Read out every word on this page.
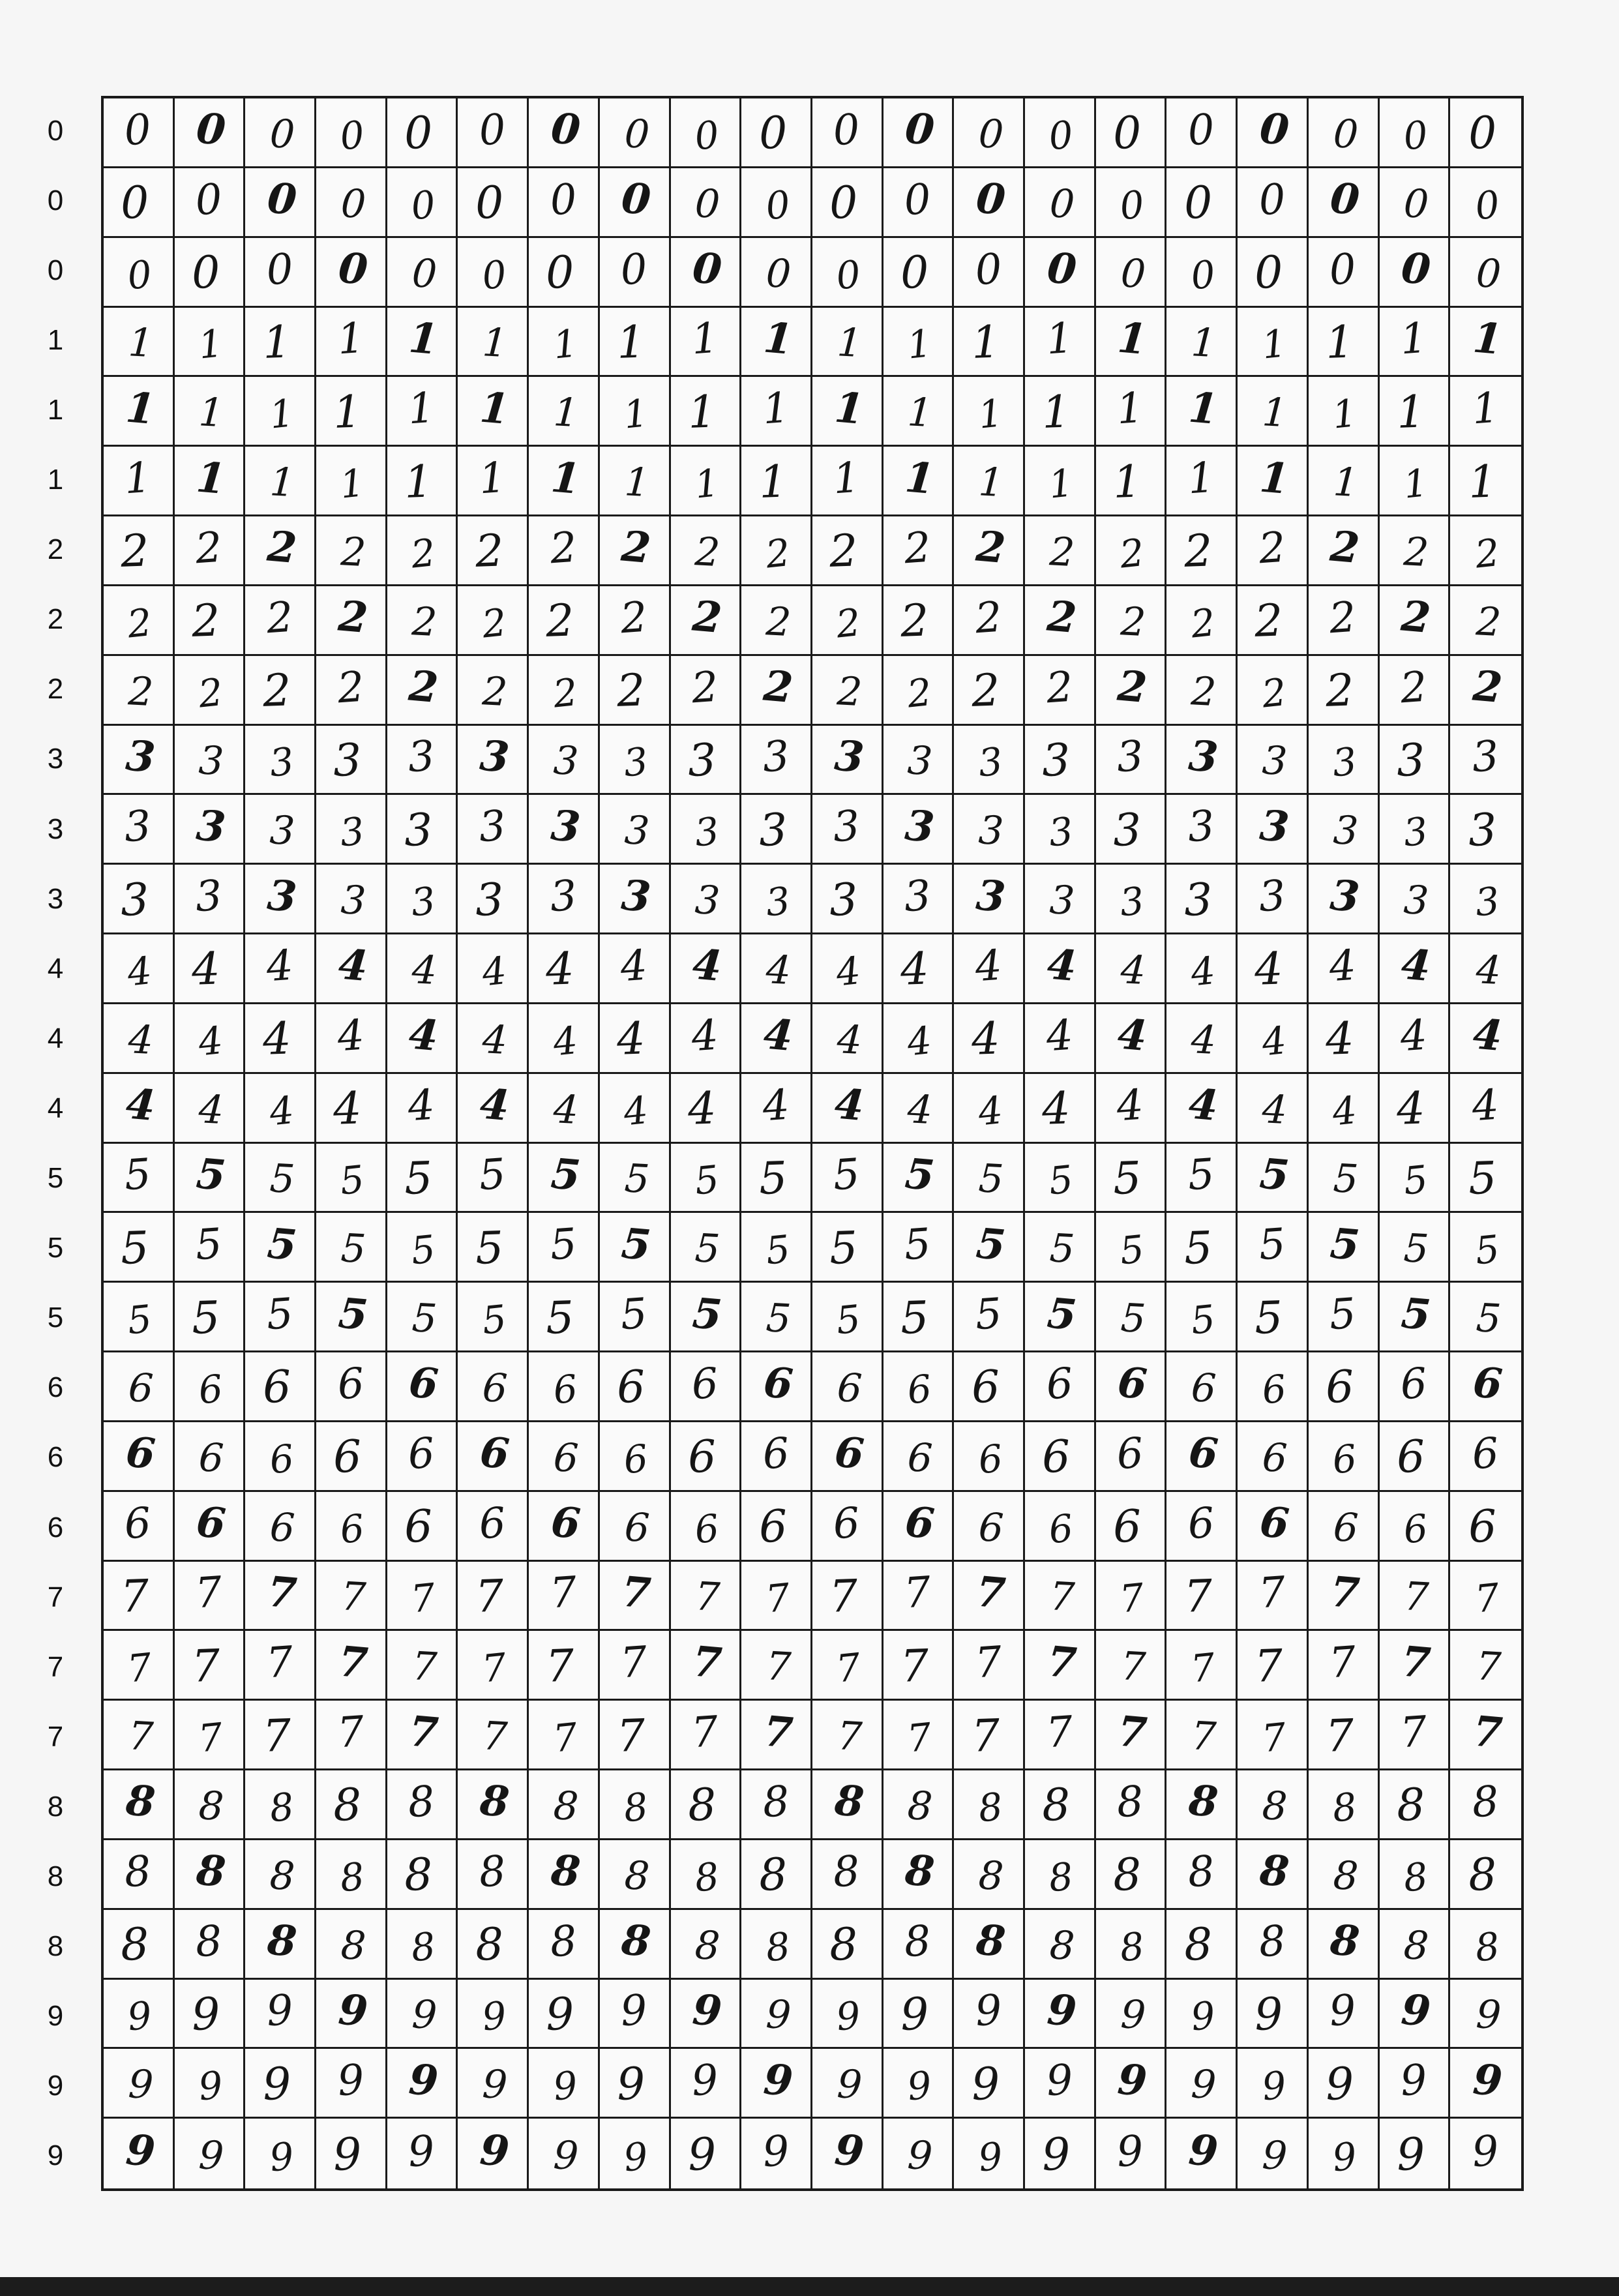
0
0
0
1
1
1
2
2
2
3
3
3
4
4
4
5
5
5
6
6
6
7
7
7
8
8
8
9
9
9
0 0 0 0 0 0 0 0 0 0 0 0 0 0 0 0 0 0 0 0
0 0 0 0 0 0 0 0 0 0 0 0 0 0 0 0 0 0 0 0
0 0 0 0 0 0 0 0 0 0 0 0 0 0 0 0 0 0 0 0
1 1 1 1 1 1 1 1 1 1 1 1 1 1 1 1 1 1 1 1
1 1 1 1 1 1 1 1 1 1 1 1 1 1 1 1 1 1 1 1
1 1 1 1 1 1 1 1 1 1 1 1 1 1 1 1 1 1 1 1
2 2 2 2 2 2 2 2 2 2 2 2 2 2 2 2 2 2 2 2
2 2 2 2 2 2 2 2 2 2 2 2 2 2 2 2 2 2 2 2
2 2 2 2 2 2 2 2 2 2 2 2 2 2 2 2 2 2 2 2
3 3 3 3 3 3 3 3 3 3 3 3 3 3 3 3 3 3 3 3
3 3 3 3 3 3 3 3 3 3 3 3 3 3 3 3 3 3 3 3
3 3 3 3 3 3 3 3 3 3 3 3 3 3 3 3 3 3 3 3
4 4 4 4 4 4 4 4 4 4 4 4 4 4 4 4 4 4 4 4
4 4 4 4 4 4 4 4 4 4 4 4 4 4 4 4 4 4 4 4
4 4 4 4 4 4 4 4 4 4 4 4 4 4 4 4 4 4 4 4
5 5 5 5 5 5 5 5 5 5 5 5 5 5 5 5 5 5 5 5
5 5 5 5 5 5 5 5 5 5 5 5 5 5 5 5 5 5 5 5
5 5 5 5 5 5 5 5 5 5 5 5 5 5 5 5 5 5 5 5
6 6 6 6 6 6 6 6 6 6 6 6 6 6 6 6 6 6 6 6
6 6 6 6 6 6 6 6 6 6 6 6 6 6 6 6 6 6 6 6
6 6 6 6 6 6 6 6 6 6 6 6 6 6 6 6 6 6 6 6
7 7 7 7 7 7 7 7 7 7 7 7 7 7 7 7 7 7 7 7
7 7 7 7 7 7 7 7 7 7 7 7 7 7 7 7 7 7 7 7
7 7 7 7 7 7 7 7 7 7 7 7 7 7 7 7 7 7 7 7
8 8 8 8 8 8 8 8 8 8 8 8 8 8 8 8 8 8 8 8
8 8 8 8 8 8 8 8 8 8 8 8 8 8 8 8 8 8 8 8
8 8 8 8 8 8 8 8 8 8 8 8 8 8 8 8 8 8 8 8
9 9 9 9 9 9 9 9 9 9 9 9 9 9 9 9 9 9 9 9
9 9 9 9 9 9 9 9 9 9 9 9 9 9 9 9 9 9 9 9
9 9 9 9 9 9 9 9 9 9 9 9 9 9 9 9 9 9 9 9
